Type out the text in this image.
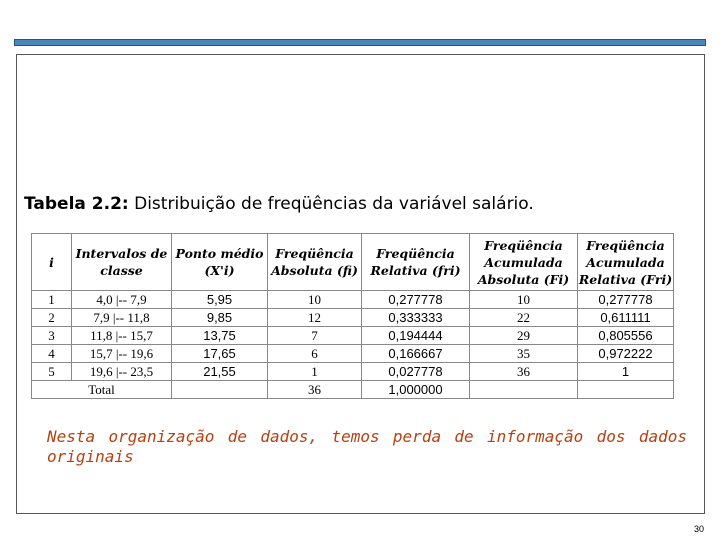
Tabela 2.2: Distribuição de freqüências da variável salário.
i	Intervalos de classe	Ponto médio (X'i)	Freqüência Absoluta (fi)	Freqüência Relativa (fri)	Freqüência Acumulada Absoluta (Fi)	Freqüência Acumulada Relativa (Fri)
1	4,0 |-- 7,9	5,95	10	0,277778	10	0,277778
2	7,9 |-- 11,8	9,85	12	0,333333	22	0,611111
3	11,8 |-- 15,7	13,75	7	0,194444	29	0,805556
4	15,7 |-- 19,6	17,65	6	0,166667	35	0,972222
5	19,6 |-- 23,5	21,55	1	0,027778	36	1
Total			36	1,000000		
Nesta organização de dados, temos perda de informação dos dados originais
30
